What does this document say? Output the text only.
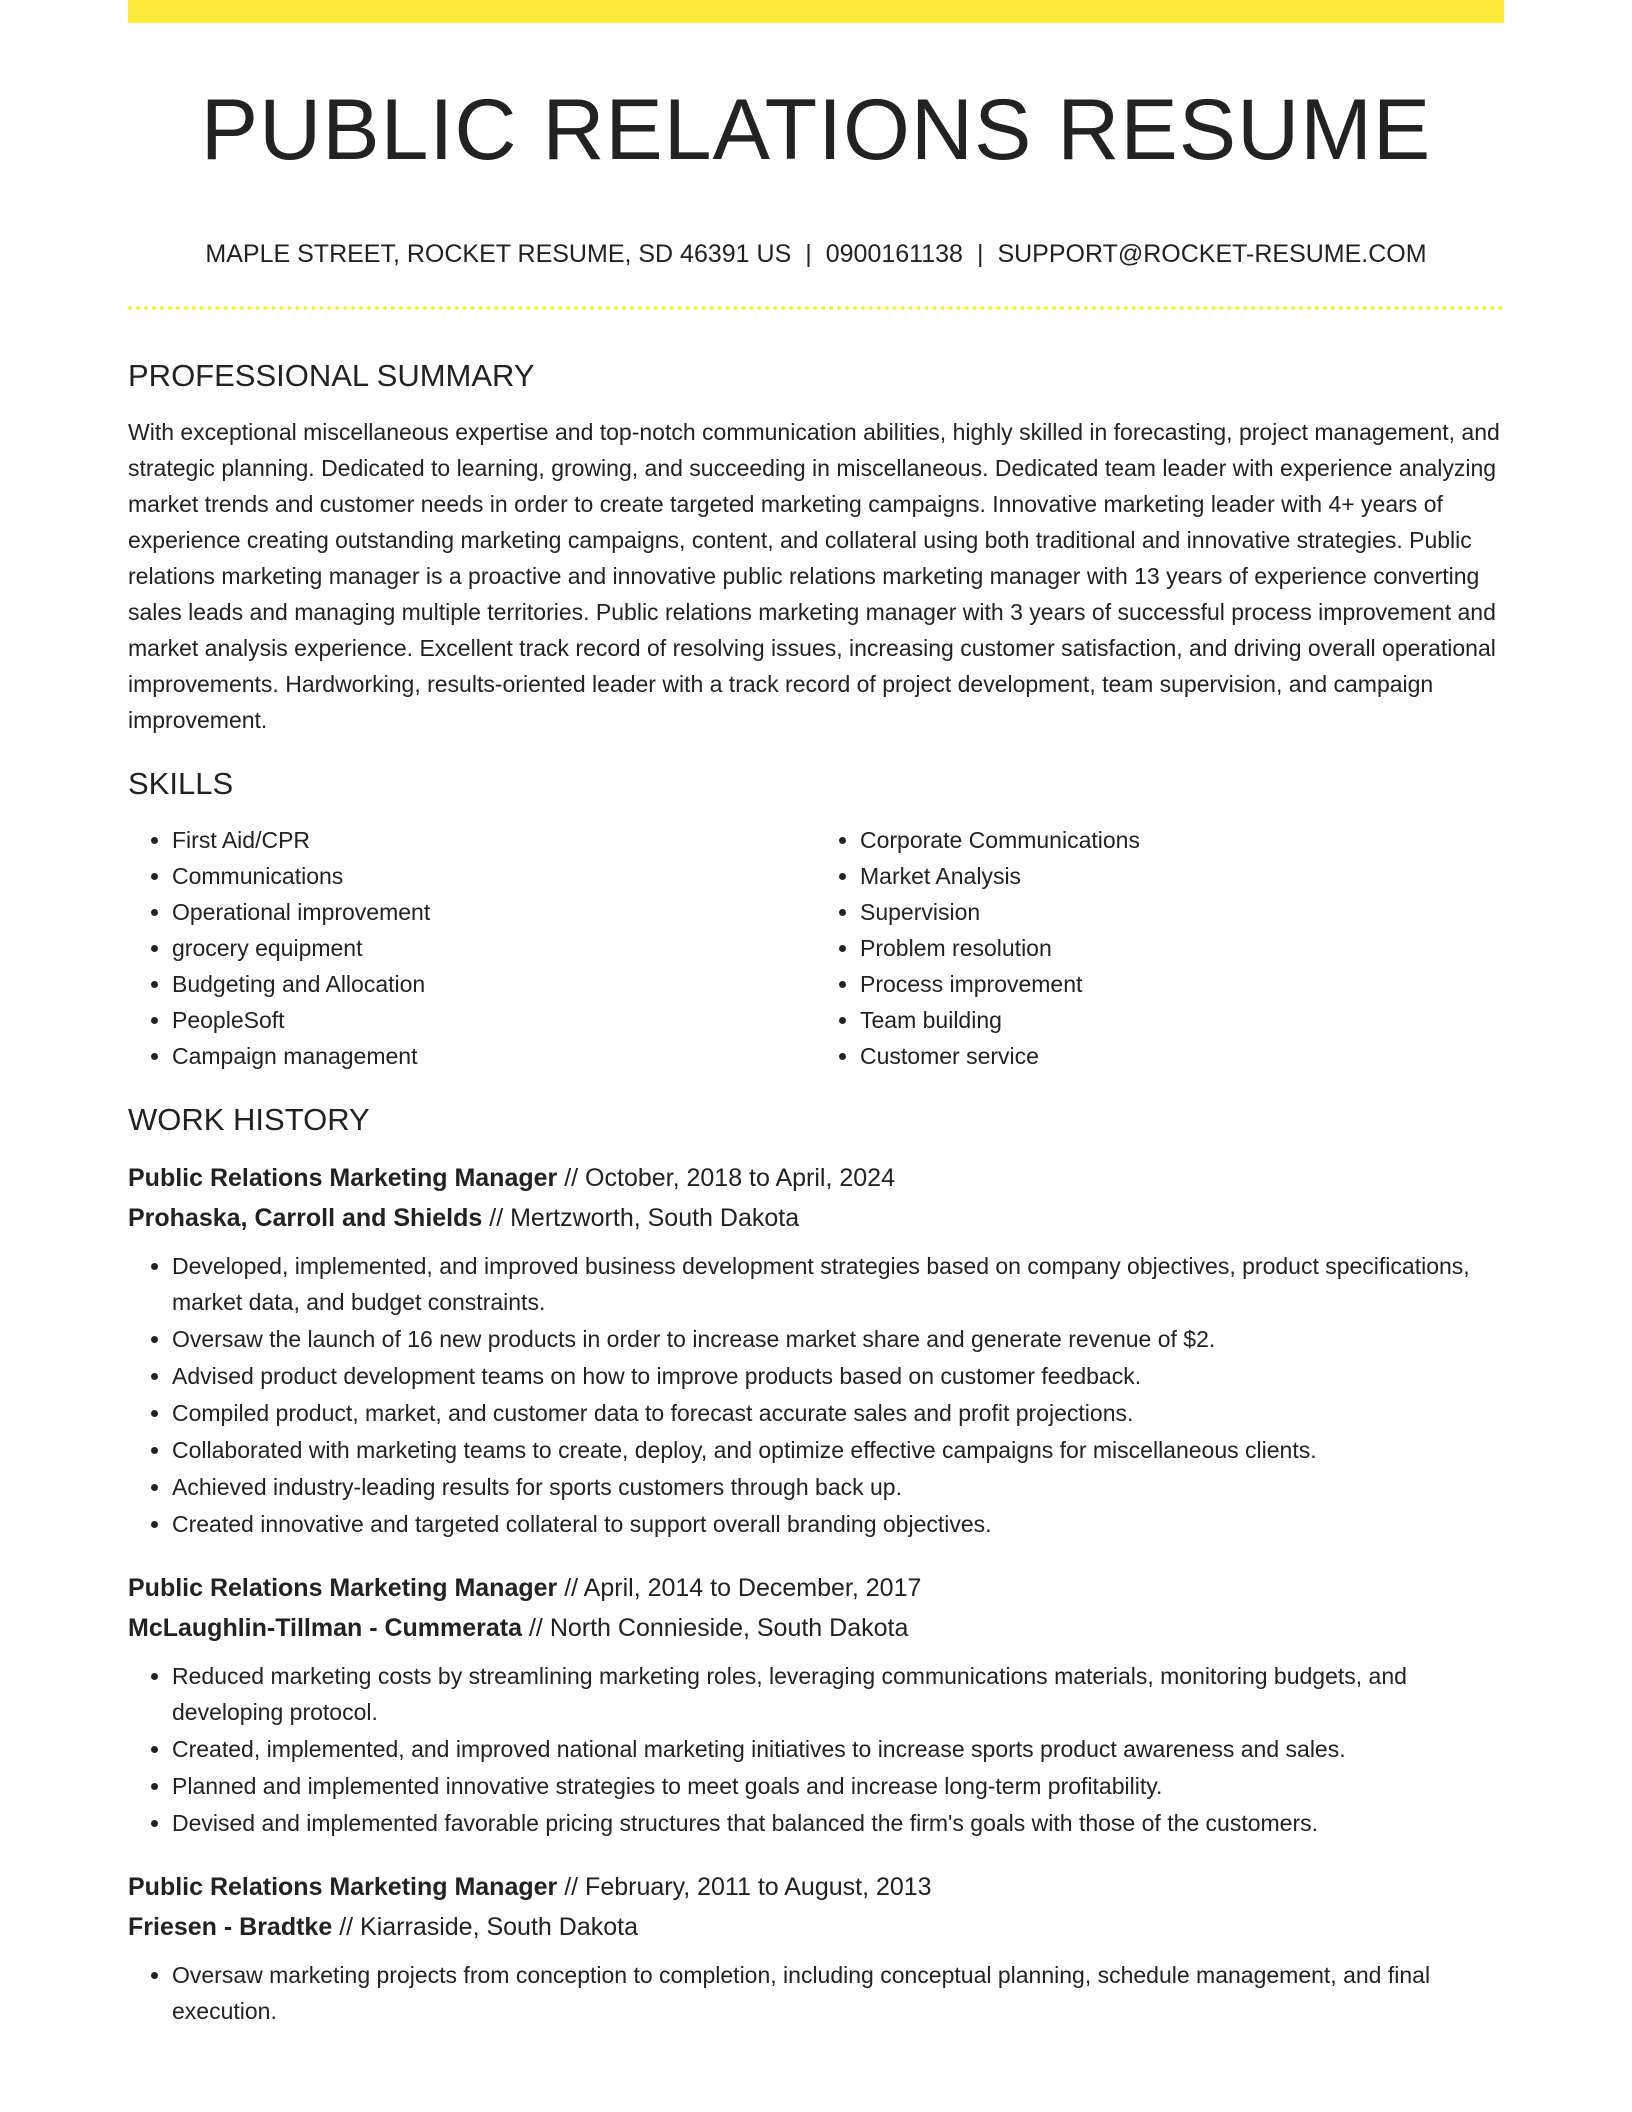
PUBLIC RELATIONS RESUME
MAPLE STREET, ROCKET RESUME, SD 46391 US | 0900161138 | SUPPORT@ROCKET-RESUME.COM
PROFESSIONAL SUMMARY

With exceptional miscellaneous expertise and top-notch communication abilities, highly skilled in forecasting, project management, and strategic planning. Dedicated to learning, growing, and succeeding in miscellaneous. Dedicated team leader with experience analyzing market trends and customer needs in order to create targeted marketing campaigns. Innovative marketing leader with 4+ years of experience creating outstanding marketing campaigns, content, and collateral using both traditional and innovative strategies. Public relations marketing manager is a proactive and innovative public relations marketing manager with 13 years of experience converting sales leads and managing multiple territories. Public relations marketing manager with 3 years of successful process improvement and market analysis experience. Excellent track record of resolving issues, increasing customer satisfaction, and driving overall operational improvements. Hardworking, results-oriented leader with a track record of project development, team supervision, and campaign improvement.

SKILLS
• First Aid/CPR
• Communications
• Operational improvement
• grocery equipment
• Budgeting and Allocation
• PeopleSoft
• Campaign management
• Corporate Communications
• Market Analysis
• Supervision
• Problem resolution
• Process improvement
• Team building
• Customer service
WORK HISTORY
Public Relations Marketing Manager // October, 2018 to April, 2024
Prohaska, Carroll and Shields // Mertzworth, South Dakota
• Developed, implemented, and improved business development strategies based on company objectives, product specifications, market data, and budget constraints.
• Oversaw the launch of 16 new products in order to increase market share and generate revenue of $2.
• Advised product development teams on how to improve products based on customer feedback.
• Compiled product, market, and customer data to forecast accurate sales and profit projections.
• Collaborated with marketing teams to create, deploy, and optimize effective campaigns for miscellaneous clients.
• Achieved industry-leading results for sports customers through back up.
• Created innovative and targeted collateral to support overall branding objectives.
Public Relations Marketing Manager // April, 2014 to December, 2017
McLaughlin-Tillman - Cummerata // North Connieside, South Dakota
• Reduced marketing costs by streamlining marketing roles, leveraging communications materials, monitoring budgets, and developing protocol.
• Created, implemented, and improved national marketing initiatives to increase sports product awareness and sales.
• Planned and implemented innovative strategies to meet goals and increase long-term profitability.
• Devised and implemented favorable pricing structures that balanced the firm's goals with those of the customers.
Public Relations Marketing Manager // February, 2011 to August, 2013
Friesen - Bradtke // Kiarraside, South Dakota
• Oversaw marketing projects from conception to completion, including conceptual planning, schedule management, and final execution.
